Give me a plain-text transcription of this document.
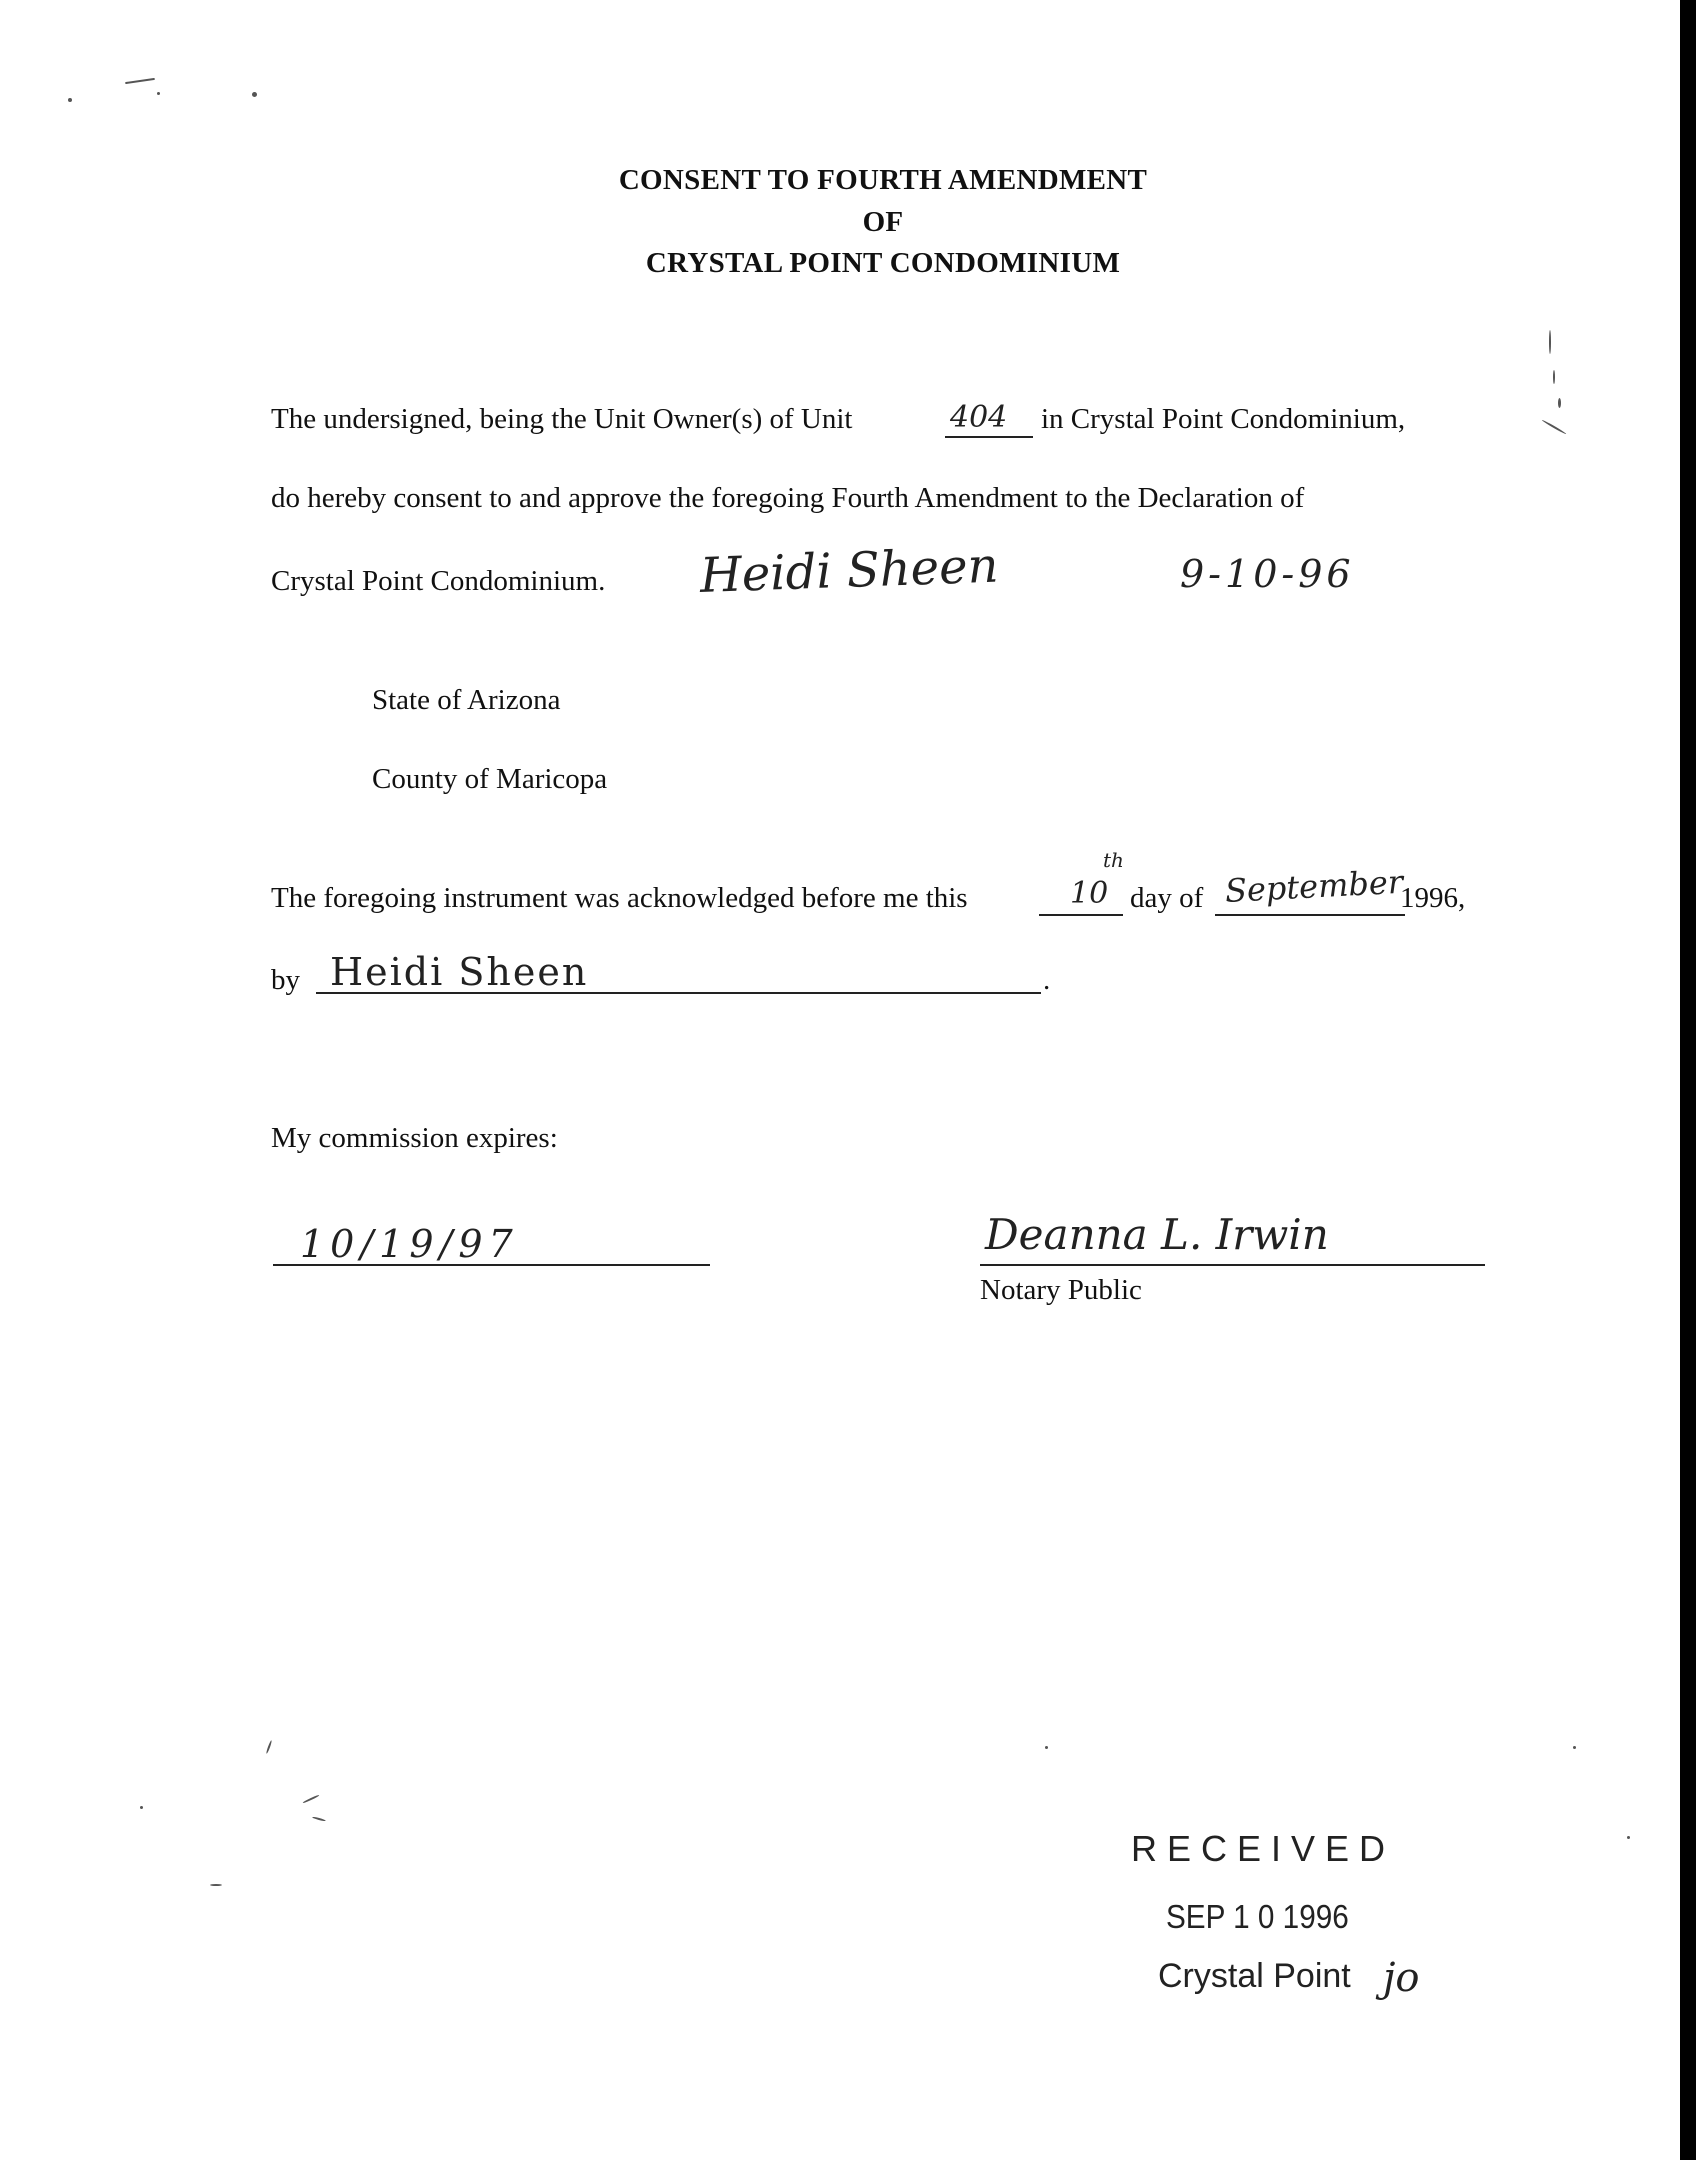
CONSENT TO FOURTH AMENDMENT
OF
CRYSTAL POINT CONDOMINIUM
The undersigned, being the Unit Owner(s) of Unit	404 in Crystal Point Condominium,
do hereby consent to and approve the foregoing Fourth Amendment to the Declaration of
Crystal Point Condominium. Heidi Sheen	9-10-96
State of Arizona
County of Maricopa
The foregoing instrument was acknowledged before me this	10
th
day of September
1996,
by Heidi Sheen	.
My commission expires:
10/19/97	Deanna L. Irwin
Notary Public
RECEIVED
SEP 1 0 1996
Crystal Point jo
